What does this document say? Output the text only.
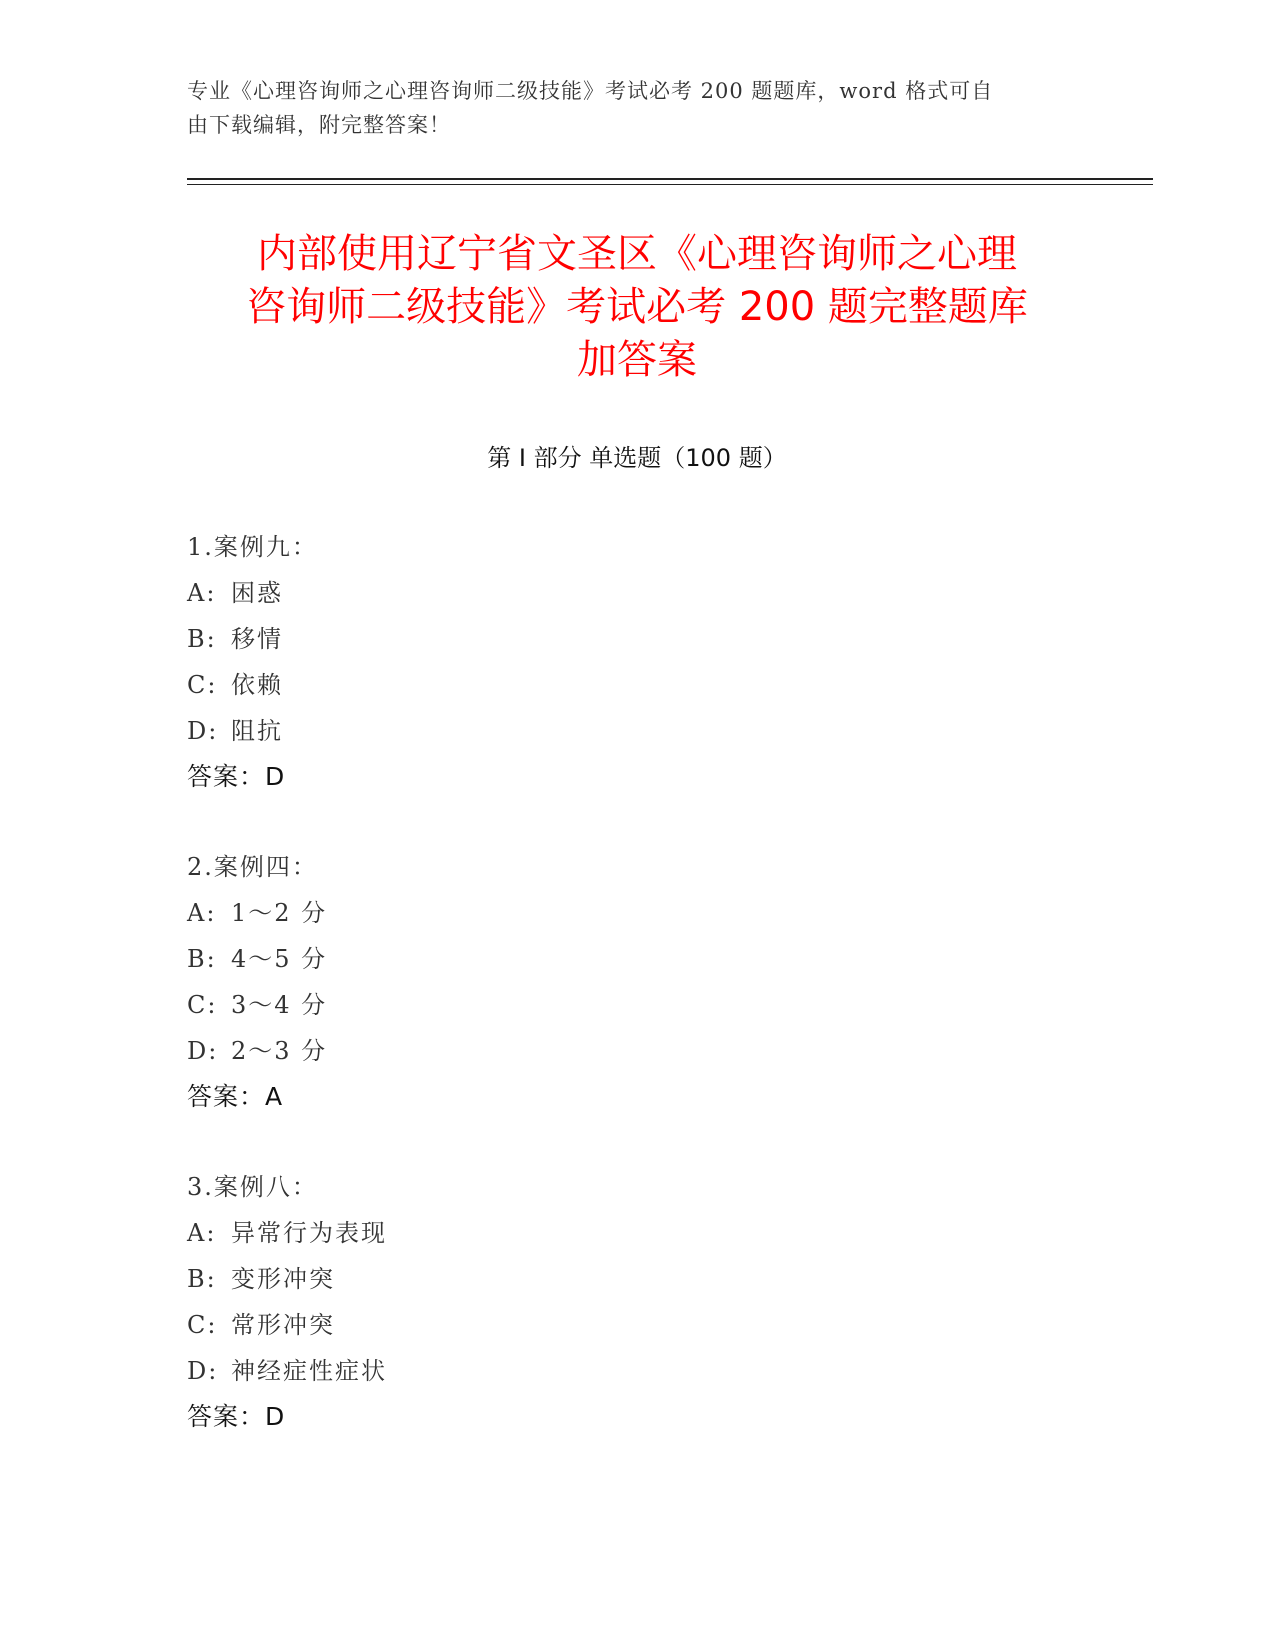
专业《心理咨询师之心理咨询师二级技能》考试必考 200 题题库，word 格式可自
由下载编辑，附完整答案！
内部使用辽宁省文圣区《心理咨询师之心理
咨询师二级技能》考试必考 200 题完整题库
加答案
第 I 部分 单选题（100 题）
1.案例九：
A: 困惑
B: 移情
C: 依赖
D: 阻抗
答案：D
2.案例四：
A: 1～2 分
B: 4～5 分
C: 3～4 分
D: 2～3 分
答案：A
3.案例八：
A: 异常行为表现
B: 变形冲突
C: 常形冲突
D: 神经症性症状
答案：D
